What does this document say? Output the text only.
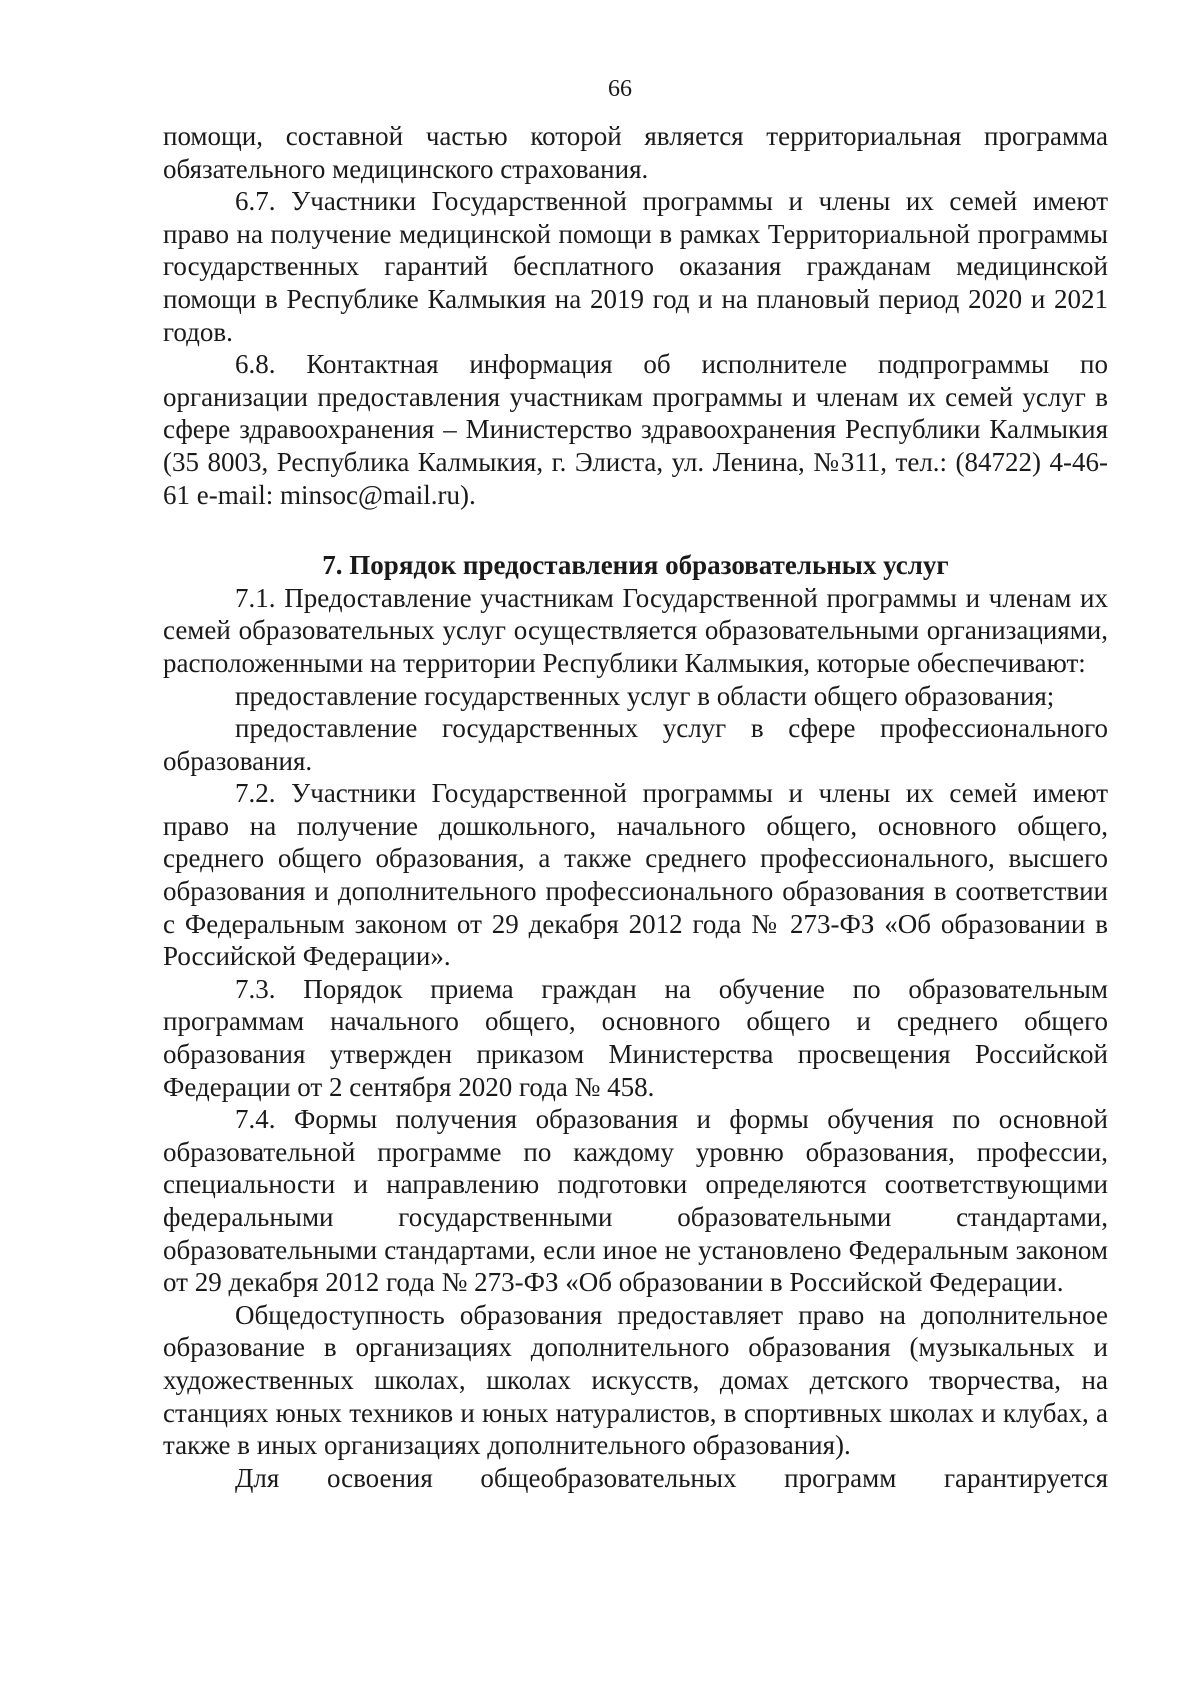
66

помощи, составной частью которой является территориальная программа обязательного медицинского страхования.

6.7. Участники Государственной программы и члены их семей имеют право на получение медицинской помощи в рамках Территориальной программы государственных гарантий бесплатного оказания гражданам медицинской помощи в Республике Калмыкия на 2019 год и на плановый период 2020 и 2021 годов.

6.8. Контактная информация об исполнителе подпрограммы по организации предоставления участникам программы и членам их семей услуг в сфере здравоохранения – Министерство здравоохранения Республики Калмыкия (35 8003, Республика Калмыкия, г. Элиста, ул. Ленина, №311, тел.: (84722) 4-46-61 e-mail: minsoc@mail.ru).

7. Порядок предоставления образовательных услуг

7.1. Предоставление участникам Государственной программы и членам их семей образовательных услуг осуществляется образовательными организациями, расположенными на территории Республики Калмыкия, которые обеспечивают:

предоставление государственных услуг в области общего образования;

предоставление государственных услуг в сфере профессионального образования.

7.2. Участники Государственной программы и члены их семей имеют право на получение дошкольного, начального общего, основного общего, среднего общего образования, а также среднего профессионального, высшего образования и дополнительного профессионального образования в соответствии с Федеральным законом от 29 декабря 2012 года № 273-ФЗ «Об образовании в Российской Федерации».

7.3. Порядок приема граждан на обучение по образовательным программам начального общего, основного общего и среднего общего образования утвержден приказом Министерства просвещения Российской Федерации от 2 сентября 2020 года № 458.

7.4. Формы получения образования и формы обучения по основной образовательной программе по каждому уровню образования, профессии, специальности и направлению подготовки определяются соответствующими федеральными государственными образовательными стандартами, образовательными стандартами, если иное не установлено Федеральным законом от 29 декабря 2012 года № 273-ФЗ «Об образовании в Российской Федерации.

Общедоступность образования предоставляет право на дополнительное образование в организациях дополнительного образования (музыкальных и художественных школах, школах искусств, домах детского творчества, на станциях юных техников и юных натуралистов, в спортивных школах и клубах, а также в иных организациях дополнительного образования).

Для освоения общеобразовательных программ гарантируется
